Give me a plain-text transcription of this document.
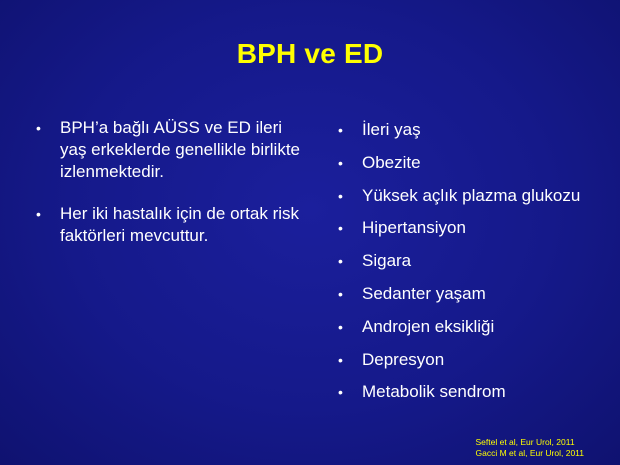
BPH ve ED
• BPH’a bağlı AÜSS ve ED ileri yaş erkeklerde genellikle birlikte izlenmektedir.
• Her iki hastalık için de ortak risk faktörleri mevcuttur.
• İleri yaş
• Obezite
• Yüksek açlık plazma glukozu
• Hipertansiyon
• Sigara
• Sedanter yaşam
• Androjen eksikliği
• Depresyon
• Metabolik sendrom
Seftel et al, Eur Urol, 2011
Gacci M et al, Eur Urol, 2011
